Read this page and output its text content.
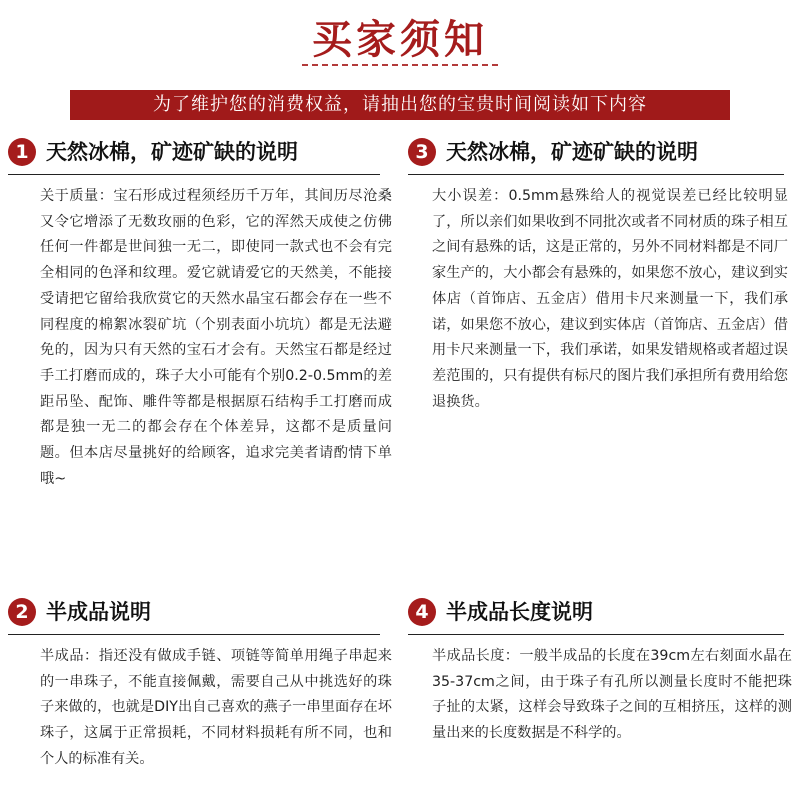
买家须知
为了维护您的消费权益，请抽出您的宝贵时间阅读如下内容
1 天然冰棉，矿迹矿缺的说明
关于质量：宝石形成过程须经历千万年，其间历尽沧桑又令它增添了无数玫丽的色彩，它的浑然天成使之仿佛任何一件都是世间独一无二，即使同一款式也不会有完全相同的色泽和纹理。爱它就请爱它的天然美，不能接受请把它留给我欣赏它的天然水晶宝石都会存在一些不同程度的棉絮冰裂矿坑（个别表面小坑坑）都是无法避免的，因为只有天然的宝石才会有。天然宝石都是经过手工打磨而成的，珠子大小可能有个别0.2-0.5mm的差距吊坠、配饰、雕件等都是根据原石结构手工打磨而成都是独一无二的都会存在个体差异，这都不是质量问题。但本店尽量挑好的给顾客，追求完美者请酌情下单哦~
3 天然冰棉，矿迹矿缺的说明
大小误差：0.5mm悬殊给人的视觉误差已经比较明显了，所以亲们如果收到不同批次或者不同材质的珠子相互之间有悬殊的话，这是正常的，另外不同材料都是不同厂家生产的，大小都会有悬殊的，如果您不放心，建议到实体店（首饰店、五金店）借用卡尺来测量一下，我们承诺，如果您不放心，建议到实体店（首饰店、五金店）借用卡尺来测量一下，我们承诺，如果发错规格或者超过误差范围的，只有提供有标尺的图片我们承担所有费用给您退换货。
2 半成品说明
半成品：指还没有做成手链、项链等简单用绳子串起来的一串珠子，不能直接佩戴，需要自己从中挑选好的珠子来做的，也就是DIY出自己喜欢的燕子一串里面存在坏珠子，这属于正常损耗，不同材料损耗有所不同，也和个人的标准有关。
4 半成品长度说明
半成品长度：一般半成品的长度在39cm左右刻面水晶在35-37cm之间，由于珠子有孔所以测量长度时不能把珠子扯的太紧，这样会导致珠子之间的互相挤压，这样的测量出来的长度数据是不科学的。
